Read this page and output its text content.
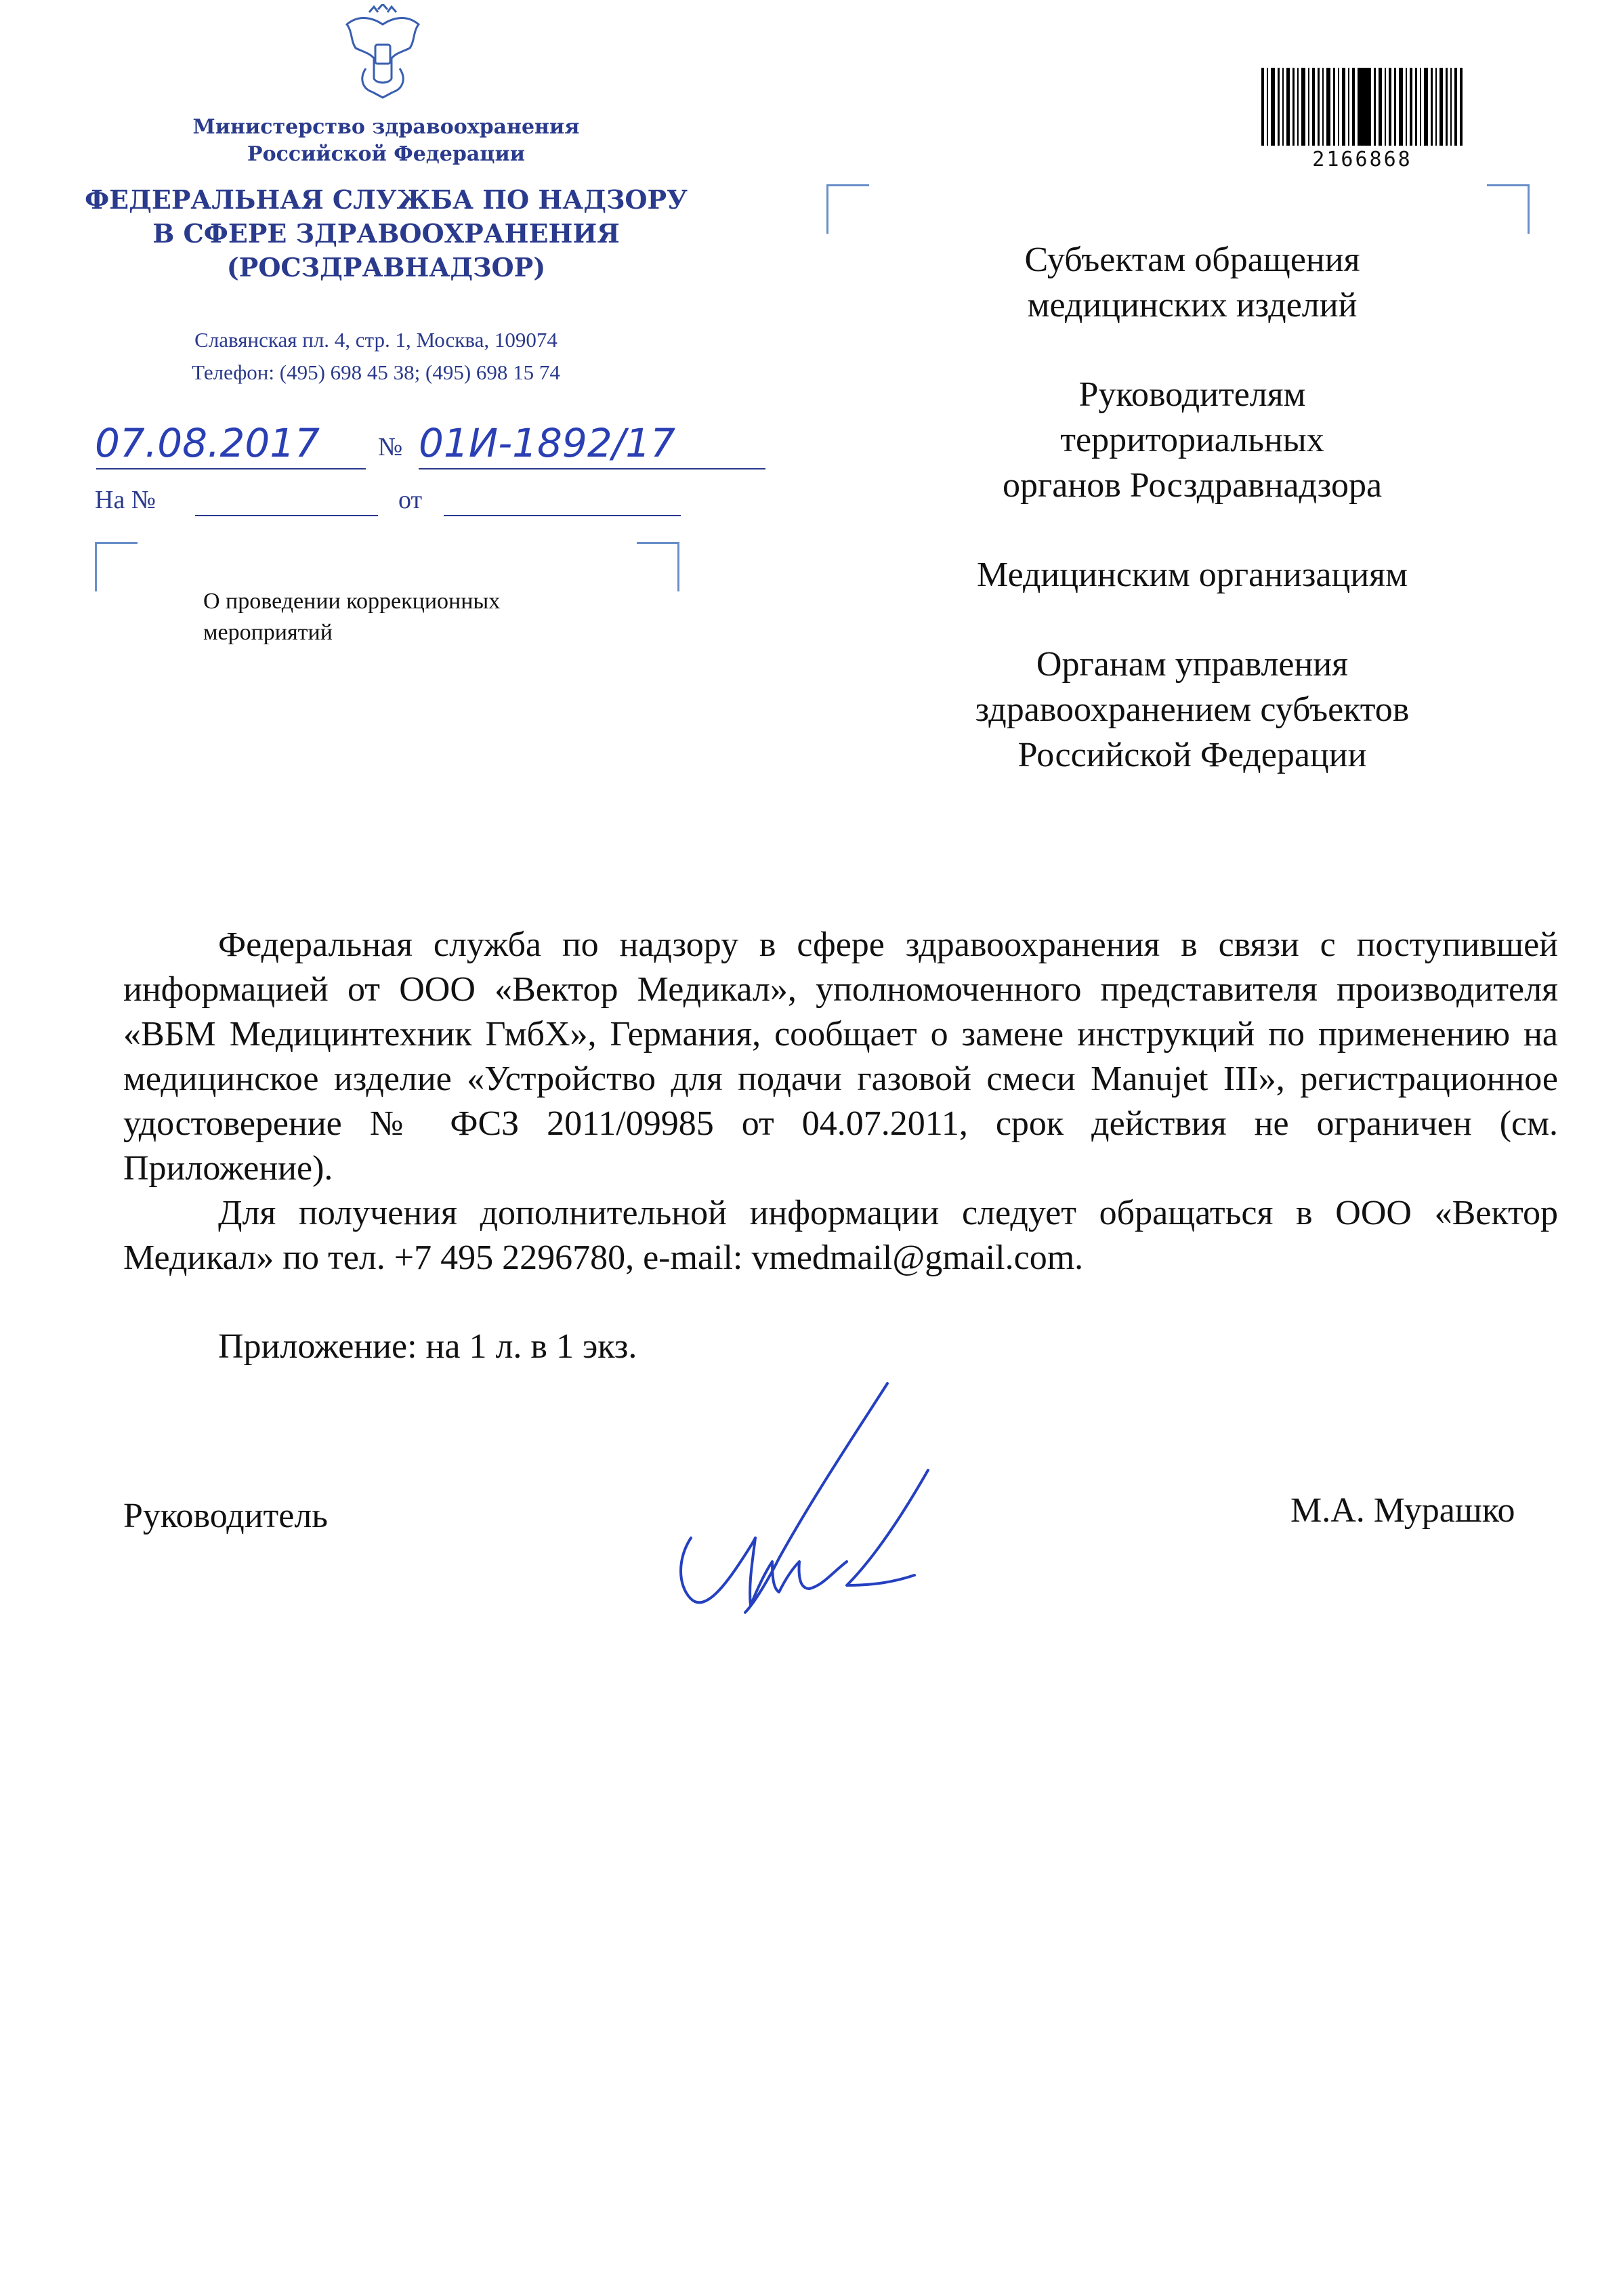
Министерство здравоохранения
Российской Федерации
ФЕДЕРАЛЬНАЯ СЛУЖБА ПО НАДЗОРУ
В СФЕРЕ ЗДРАВООХРАНЕНИЯ
(РОСЗДРАВНАДЗОР)
Славянская пл. 4, стр. 1, Москва, 109074
Телефон: (495) 698 45 38; (495) 698 15 74
07.08.2017 № 01И-1892/17
На №	от
О проведении коррекционных
мероприятий
2166868
Субъектам обращения
медицинских изделий
Руководителям
территориальных
органов Росздравнадзора
Медицинским организациям
Органам управления
здравоохранением субъектов
Российской Федерации

Федеральная служба по надзору в сфере здравоохранения в связи с поступившей информацией от ООО «Вектор Медикал», уполномоченного представителя производителя «ВБМ Медицинтехник ГмбХ», Германия, сообщает о замене инструкций по применению на медицинское изделие «Устройство для подачи газовой смеси Manujet III», регистрационное удостоверение № ФСЗ 2011/09985 от 04.07.2011, срок действия не ограничен (см. Приложение).

Для получения дополнительной информации следует обращаться в ООО «Вектор Медикал» по тел. +7 495 2296780, e-mail: vmedmail@gmail.com.

Приложение: на 1 л. в 1 экз.
Руководитель	М.А. Мурашко
